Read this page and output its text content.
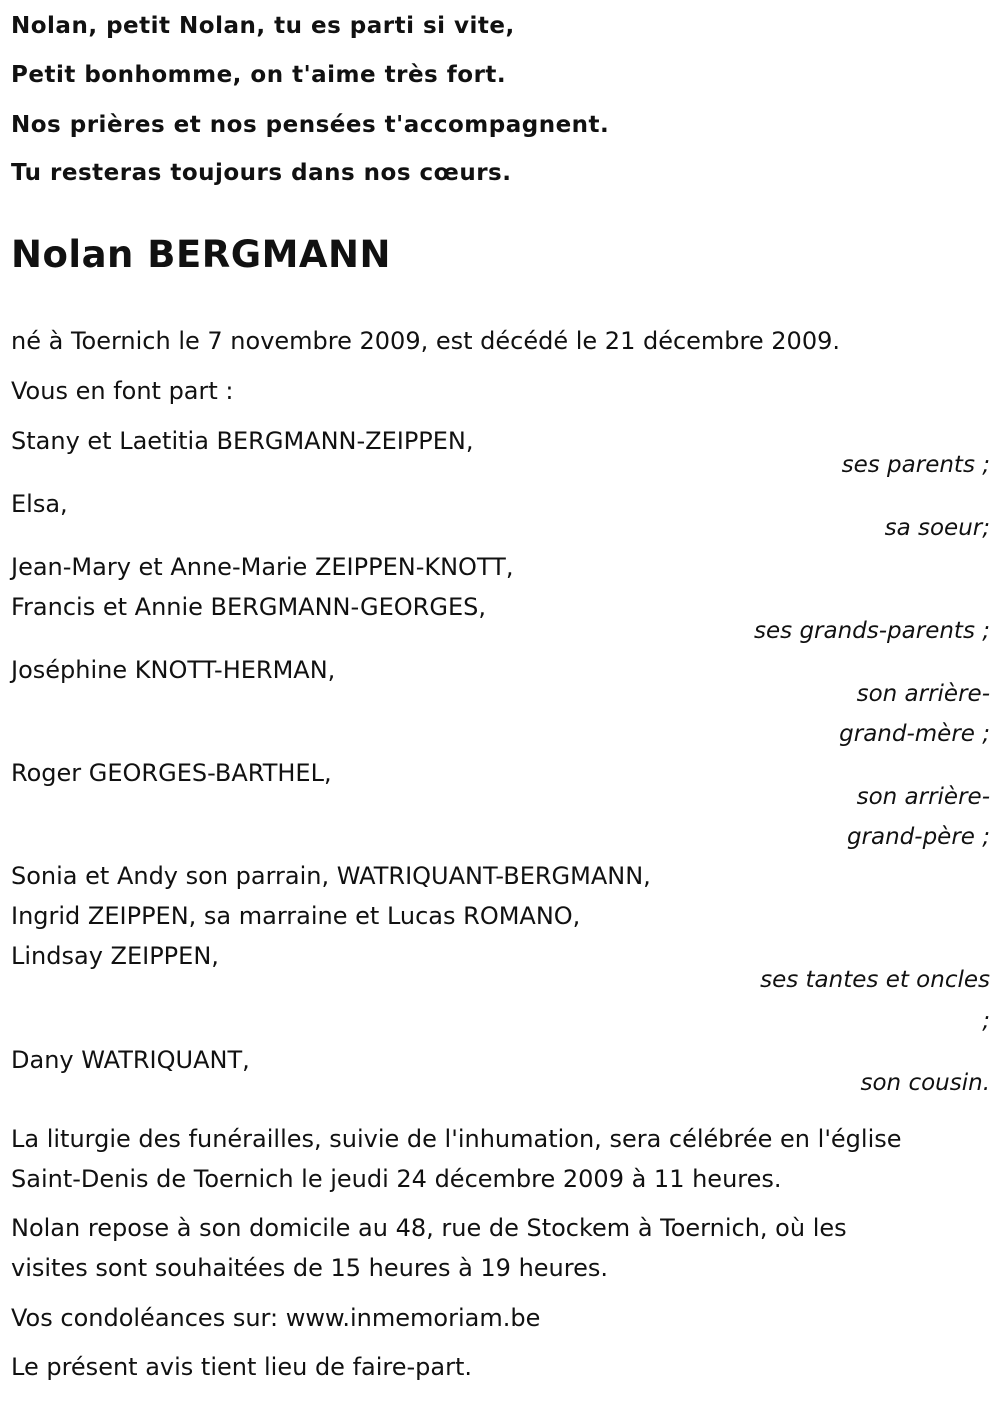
Nolan, petit Nolan, tu es parti si vite,
Petit bonhomme, on t'aime très fort.
Nos prières et nos pensées t'accompagnent.
Tu resteras toujours dans nos cœurs.
Nolan BERGMANN
né à Toernich le 7 novembre 2009, est décédé le 21 décembre 2009.
Vous en font part :
Stany et Laetitia BERGMANN-ZEIPPEN,
ses parents ;
Elsa,
sa soeur;
Jean-Mary et Anne-Marie ZEIPPEN-KNOTT,
Francis et Annie BERGMANN-GEORGES,
ses grands-parents ;
Joséphine KNOTT-HERMAN,
son arrière-
grand-mère ;
Roger GEORGES-BARTHEL,
son arrière-
grand-père ;
Sonia et Andy son parrain, WATRIQUANT-BERGMANN,
Ingrid ZEIPPEN, sa marraine et Lucas ROMANO,
Lindsay ZEIPPEN,
ses tantes et oncles
;
Dany WATRIQUANT,
son cousin.
La liturgie des funérailles, suivie de l'inhumation, sera célébrée en l'église
Saint-Denis de Toernich le jeudi 24 décembre 2009 à 11 heures.
Nolan repose à son domicile au 48, rue de Stockem à Toernich, où les
visites sont souhaitées de 15 heures à 19 heures.
Vos condoléances sur: www.inmemoriam.be
Le présent avis tient lieu de faire-part.
